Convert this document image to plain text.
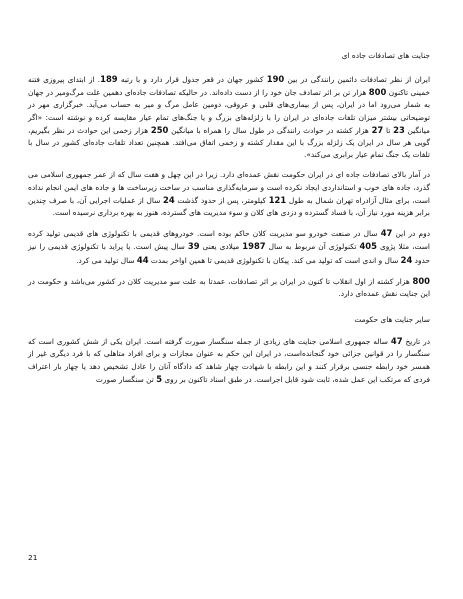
جنایت های تصادفات جاده ای

ایران از نظر تصادفات دائمین رانندگی در بین 190 کشور جهان در قعر جدول قرار دارد و با رتبه 189. از ابتدای پیروزی فتنه خمینی تاکنون 800 هزار تن بر اثر تصادف جان خود را از دست داده‌اند. در حالیکه تصادفات جاده‌ای دهمین علت مرگ‌ومیر در جهان به شمار می‌رود اما در ایران، پس از بیماری‌های قلبی و عروقی، دومین عامل مرگ و میر به حساب می‌آید. خبرگزاری مهر در توضیحاتی بیشتر میزان تلفات جاده‌ای در ایران را با زلزله‌های بزرگ و یا جنگ‌های تمام عیار مقایسه کرده و نوشته است: «اگر میانگین 23 تا 27 هزار کشته در حوادث رانندگی در طول سال را همراه با میانگین 250 هزار زخمی این حوادث در نظر بگیریم، گویی هر سال در ایران یک زلزله بزرگ با این مقدار کشته و زخمی اتفاق می‌افتد. همچنین تعداد تلفات جاده‌ای کشور در سال با تلفات یک جنگ تمام عیار برابری می‌کند».

در آمار بالای تصادفات جاده ای در ایران حکومت نقش عمده‌ای دارد. زیرا در این چهل و هفت سال که از عمر جمهوری اسلامی می گذرد، جاده های خوب و استانداردی ایجاد نکرده است و سرمایه‌گذاری مناسب در ساخت زیرساخت ها و جاده های ایمن انجام نداده است، برای مثال آزادراه تهران شمال به طول 121 کیلومتر، پس از حدود گذشت 24 سال از عملیات اجرایی آن، با صرف چندین برابر هزینه مورد نیاز آن، با فساد گسترده و دزدی های کلان و سوء مدیریت های گسترده، هنوز به بهره برداری نرسیده است.

دوم در این 47 سال در صنعت خودرو سو مدیریت کلان حاکم بوده است. خودروهای قدیمی با تکنولوژی های قدیمی تولید کرده است، مثلا پژوی 405 تکنولوژی آن مربوط به سال 1987 میلادی یعنی 39 سال پیش است. یا پراید با تکنولوژی قدیمی را نیز حدود 24 سال و اندی است که تولید می کند. پیکان با تکنولوژی قدیمی تا همین اواخر بمدت 44 سال تولید می کرد.

800 هزار کشته از اول انقلاب تا کنون در ایران بر اثر تصادفات، عمدتا به علت سو مدیریت کلان در کشور می‌باشد و حکومت در این جنایت نقش عمده‌ای دارد.

سایر جنایت های حکومت

در تاریخ 47 ساله جمهوری اسلامی جنایت های زیادی از جمله سنگسار صورت گرفته است. ایران یکی از شش کشوری است که سنگسار را در قوانین جزائی خود گنجانده‌است، در ایران این حکم به عنوان مجازات و برای افراد متاهلی که با فرد دیگری غیر از همسر خود رابطه جنسی برقرار کنند و این رابطه با شهادت چهار شاهد که دادگاه آنان را عادل تشخیص دهد یا چهار بار اعتراف فردی که مرتکب این عمل شده، ثابت شود قابل اجراست. در طبق اسناد تاکنون بر روی 5 تن سنگسار صورت

21
